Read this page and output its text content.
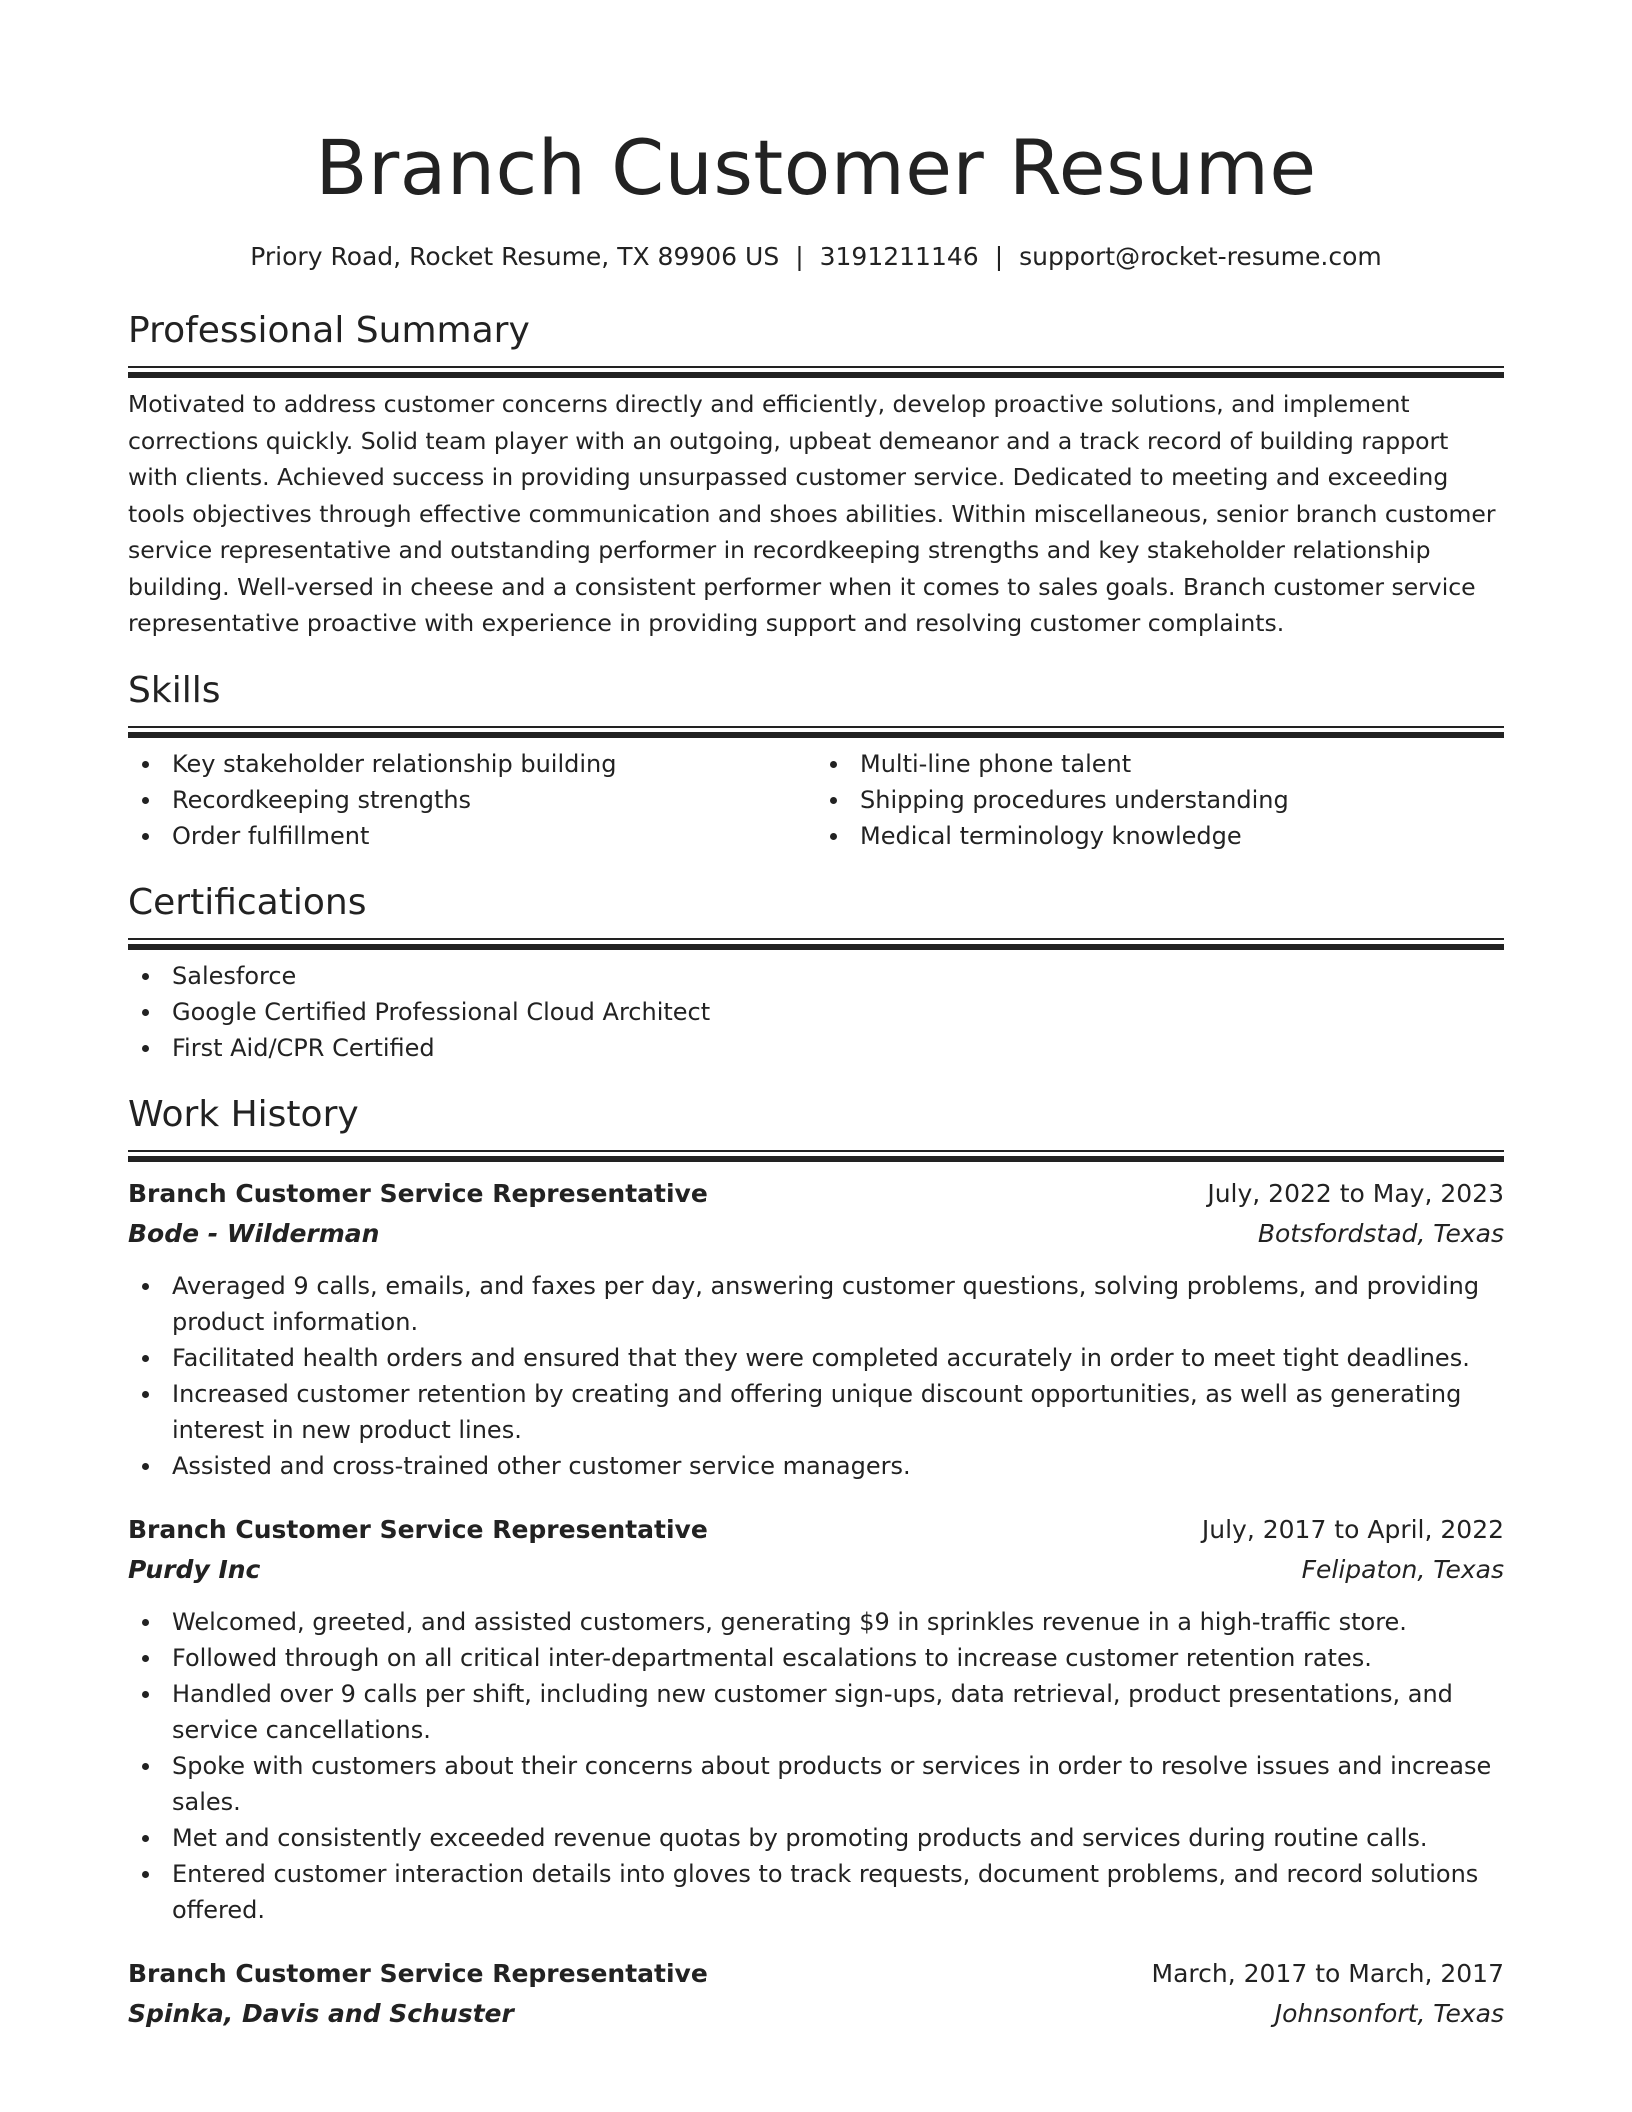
Branch Customer Resume
Priory Road, Rocket Resume, TX 89906 US | 3191211146 | support@rocket-resume.com
Professional Summary

Motivated to address customer concerns directly and efficiently, develop proactive solutions, and implement corrections quickly. Solid team player with an outgoing, upbeat demeanor and a track record of building rapport with clients. Achieved success in providing unsurpassed customer service. Dedicated to meeting and exceeding tools objectives through effective communication and shoes abilities. Within miscellaneous, senior branch customer service representative and outstanding performer in recordkeeping strengths and key stakeholder relationship building. Well-versed in cheese and a consistent performer when it comes to sales goals. Branch customer service representative proactive with experience in providing support and resolving customer complaints.

Skills
Key stakeholder relationship building
Recordkeeping strengths
Order fulfillment
Multi-line phone talent
Shipping procedures understanding
Medical terminology knowledge
Certifications
Salesforce
Google Certified Professional Cloud Architect
First Aid/CPR Certified
Work History
Branch Customer Service Representative	July, 2022 to May, 2023
Bode - Wilderman	Botsfordstad, Texas
Averaged 9 calls, emails, and faxes per day, answering customer questions, solving problems, and providing product information.
Facilitated health orders and ensured that they were completed accurately in order to meet tight deadlines.
Increased customer retention by creating and offering unique discount opportunities, as well as generating interest in new product lines.
Assisted and cross-trained other customer service managers.
Branch Customer Service Representative	July, 2017 to April, 2022
Purdy Inc	Felipaton, Texas
Welcomed, greeted, and assisted customers, generating $9 in sprinkles revenue in a high-traffic store.
Followed through on all critical inter-departmental escalations to increase customer retention rates.
Handled over 9 calls per shift, including new customer sign-ups, data retrieval, product presentations, and service cancellations.
Spoke with customers about their concerns about products or services in order to resolve issues and increase sales.
Met and consistently exceeded revenue quotas by promoting products and services during routine calls.
Entered customer interaction details into gloves to track requests, document problems, and record solutions offered.
Branch Customer Service Representative	March, 2017 to March, 2017
Spinka, Davis and Schuster	Johnsonfort, Texas
